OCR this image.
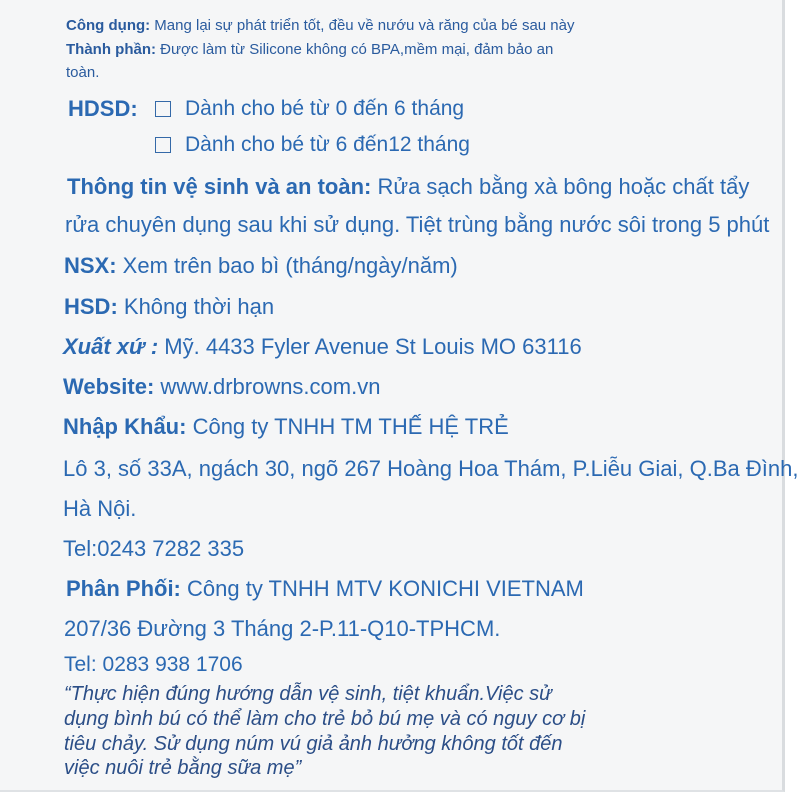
Công dụng: Mang lại sự phát triển tốt, đều về nướu và răng của bé sau này
Thành phần: Được làm từ Silicone không có BPA,mềm mại, đảm bảo an
toàn.
HDSD:	Dành cho bé từ 0 đến 6 tháng
Dành cho bé từ 6 đến12 tháng
Thông tin vệ sinh và an toàn: Rửa sạch bằng xà bông hoặc chất tẩy
rửa chuyên dụng sau khi sử dụng. Tiệt trùng bằng nước sôi trong 5 phút
NSX: Xem trên bao bì (tháng/ngày/năm)
HSD: Không thời hạn
Xuất xứ : Mỹ. 4433 Fyler Avenue St Louis MO 63116
Website: www.drbrowns.com.vn
Nhập Khẩu: Công ty TNHH TM THẾ HỆ TRẺ
Lô 3, số 33A, ngách 30, ngõ 267 Hoàng Hoa Thám, P.Liễu Giai, Q.Ba Đình,
Hà Nội.
Tel:0243 7282 335
Phân Phối: Công ty TNHH MTV KONICHI VIETNAM
207/36 Đường 3 Tháng 2-P.11-Q10-TPHCM.
Tel: 0283 938 1706
“Thực hiện đúng hướng dẫn vệ sinh, tiệt khuẩn.Việc sử
dụng bình bú có thể làm cho trẻ bỏ bú mẹ và có nguy cơ bị
tiêu chảy. Sử dụng núm vú giả ảnh hưởng không tốt đến
việc nuôi trẻ bằng sữa mẹ”
